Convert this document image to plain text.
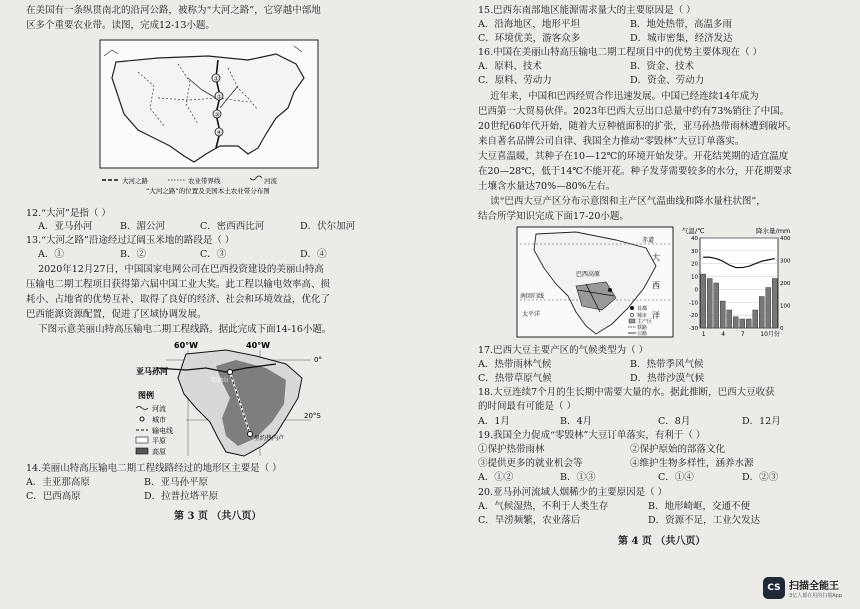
在美国有一条纵贯南北的沿河公路，被称为“大河之路”，它穿越中部地

区多个重要农业带。读图，完成12-13小题。

①
②
③
④
大河之路	农业带界线	河流
“大河之路”的位置及美国本土农业带分布图

12.“大河”是指（ ）

A．亚马孙河	B．湄公河	C．密西西比河	D．伏尔加河

13.“大河之路”沿途经过辽阔玉米地的路段是（ ）

A．①	B．②	C．③	D．④

2020年12月27日，中国国家电网公司在巴西投资建设的美丽山特高

压输电二期工程项目获得第六届中国工业大奖。此工程以输电效率高、损

耗小、占地省的优势互补，取得了良好的经济、社会和环境效益，优化了

巴西能源资源配置，促进了区域协调发展。

下图示意美丽山特高压输电二期工程线路。据此完成下面14-16小题。

60°W	40°W
0°
20°S
亚马孙河
美丽山
里约热内卢
图例
河流
城市
输电线
平原
高原

14.美丽山特高压输电二期工程线路经过的地形区主要是（ ）

A．圭亚那高原	B．亚马孙平原
C．巴西高原	D．拉普拉塔平原
第 3 页 （共八页）

15.巴西东南部地区能源需求量大的主要原因是（ ）

A．沿海地区，地形平坦	B．地处热带，高温多雨
C．环境优美，游客众多	D．城市密集，经济发达

16.中国在美丽山特高压输电二期工程项目中的优势主要体现在（ ）

A．原料、技术	B．资金、技术
C．原料、劳动力	D．资金、劳动力

近年来，中国和巴西经贸合作迅速发展。中国已经连续14年成为

巴西第一大贸易伙伴。2023年巴西大豆出口总量中约有73%销往了中国。

20世纪60年代开始，随着大豆种植面积的扩张，亚马孙热带雨林遭到破坏。

来自著名品牌公司自律、我国全力推动“零毁林”大豆订单落实。

大豆喜温暖，其种子在10—12℃的环境开始发芽。开花结荚期的适宜温度

在20—28℃，低于14℃不能开花。种子发芽需要较多的水分，开花期要求

土壤含水量达70%—80%左右。

读“巴西大豆产区分布示意图和主产区气温曲线和降水量柱状图”，

结合所学知识完成下面17-20小题。

赤道
大
西
洋
南回归线
太平洋
巴西高原
首都
城市
主产区
铁路
公路
气温/℃	降水量/mm
40
30
20
10
0
-10
-20
-30
400
300
200
100
0
1	4	7	10月份

17.巴西大豆主要产区的气候类型为（ ）

A．热带雨林气候	B．热带季风气候
C．热带草原气候	D．热带沙漠气候

18.大豆连续7个月的生长期中需要大量的水。据此推断，巴西大豆收获

的时间最有可能是（ ）

A．1月	B．4月	C．8月	D．12月

19.我国全力促成“零毁林”大豆订单落实，有利于（ ）

①保护热带雨林	②保护原始的部落文化
③提供更多的就业机会等	④维护生物多样性，涵养水源
A．①②	B．①③	C．①④	D．②③

20.亚马孙河流域人烟稀少的主要原因是（ ）

A．气候湿热，不利于人类生存	B．地形崎岖，交通不便
C．旱涝频繁，农业落后	D．资源不足，工业欠发达
第 4 页 （共八页）
CS 扫描全能王
3亿人都在用的扫描App
